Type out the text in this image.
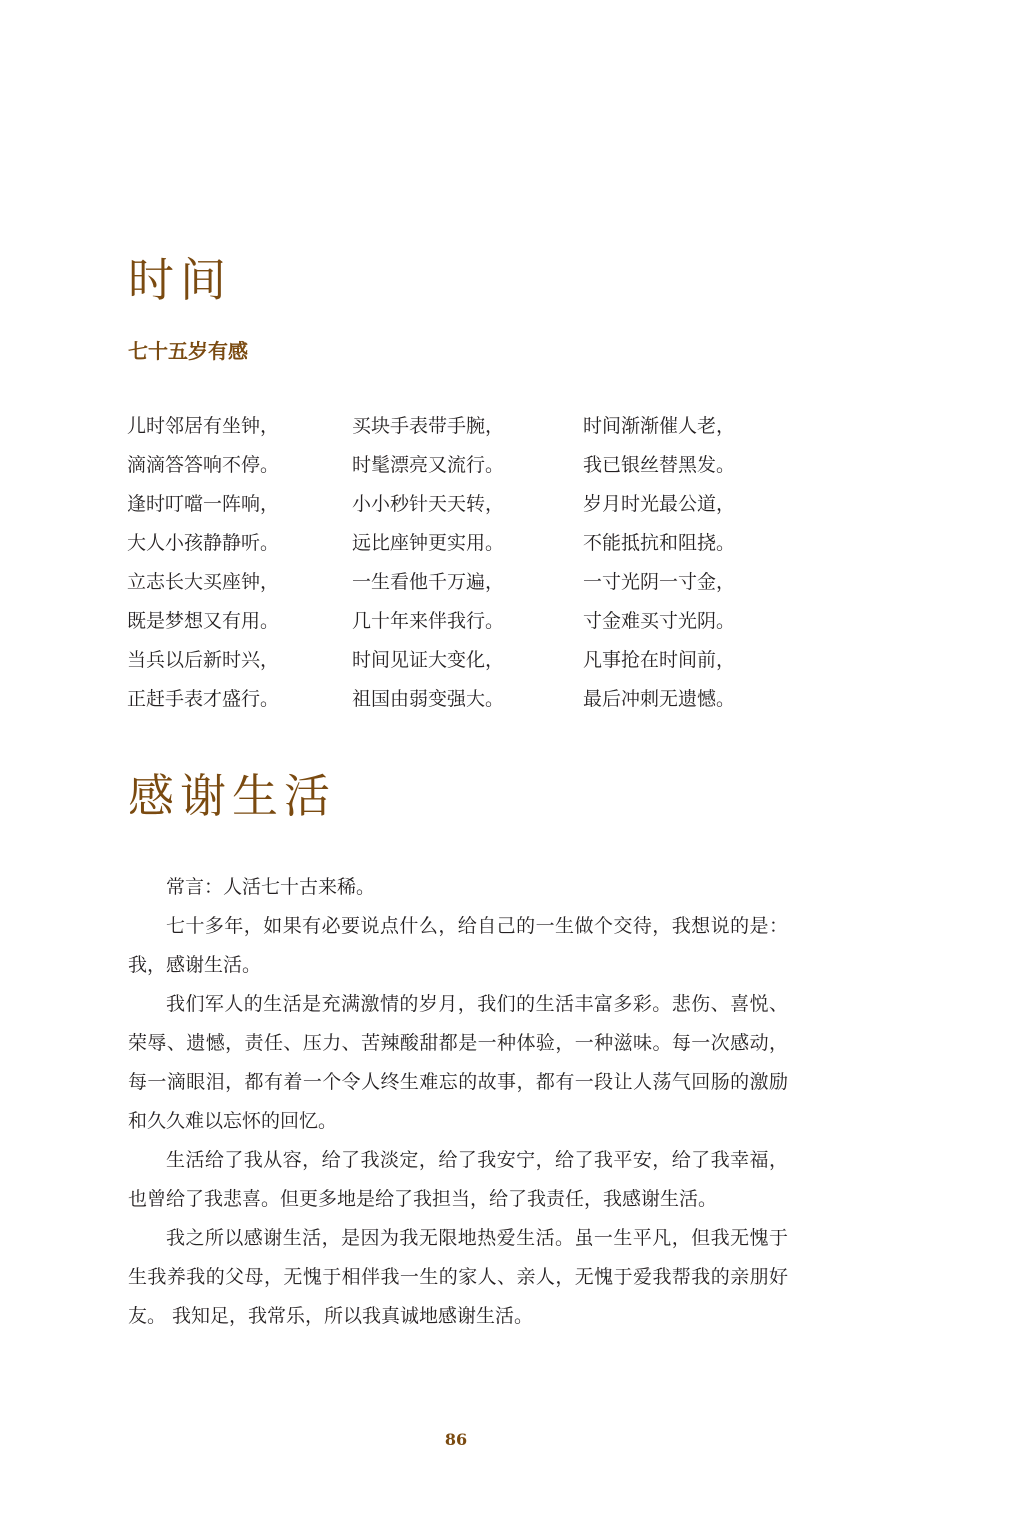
时间
七十五岁有感
儿时邻居有坐钟，
滴滴答答响不停。
逢时叮噹一阵响，
大人小孩静静听。
立志长大买座钟，
既是梦想又有用。
当兵以后新时兴，
正赶手表才盛行。
买块手表带手腕，
时髦漂亮又流行。
小小秒针天天转，
远比座钟更实用。
一生看他千万遍，
几十年来伴我行。
时间见证大变化，
祖国由弱变强大。
时间渐渐催人老，
我已银丝替黑发。
岁月时光最公道，
不能抵抗和阻挠。
一寸光阴一寸金，
寸金难买寸光阴。
凡事抢在时间前，
最后冲刺无遗憾。
感谢生活

常言：人活七十古来稀。

七十多年，如果有必要说点什么，给自己的一生做个交待，我想说的是：我，感谢生活。

我们军人的生活是充满激情的岁月，我们的生活丰富多彩。悲伤、喜悦、荣辱、遗憾，责任、压力、苦辣酸甜都是一种体验，一种滋味。每一次感动，每一滴眼泪，都有着一个令人终生难忘的故事，都有一段让人荡气回肠的激励和久久难以忘怀的回忆。

生活给了我从容，给了我淡定，给了我安宁，给了我平安，给了我幸福，也曾给了我悲喜。但更多地是给了我担当，给了我责任，我感谢生活。

我之所以感谢生活，是因为我无限地热爱生活。虽一生平凡，但我无愧于生我养我的父母，无愧于相伴我一生的家人、亲人，无愧于爱我帮我的亲朋好友。 我知足，我常乐，所以我真诚地感谢生活。

86
